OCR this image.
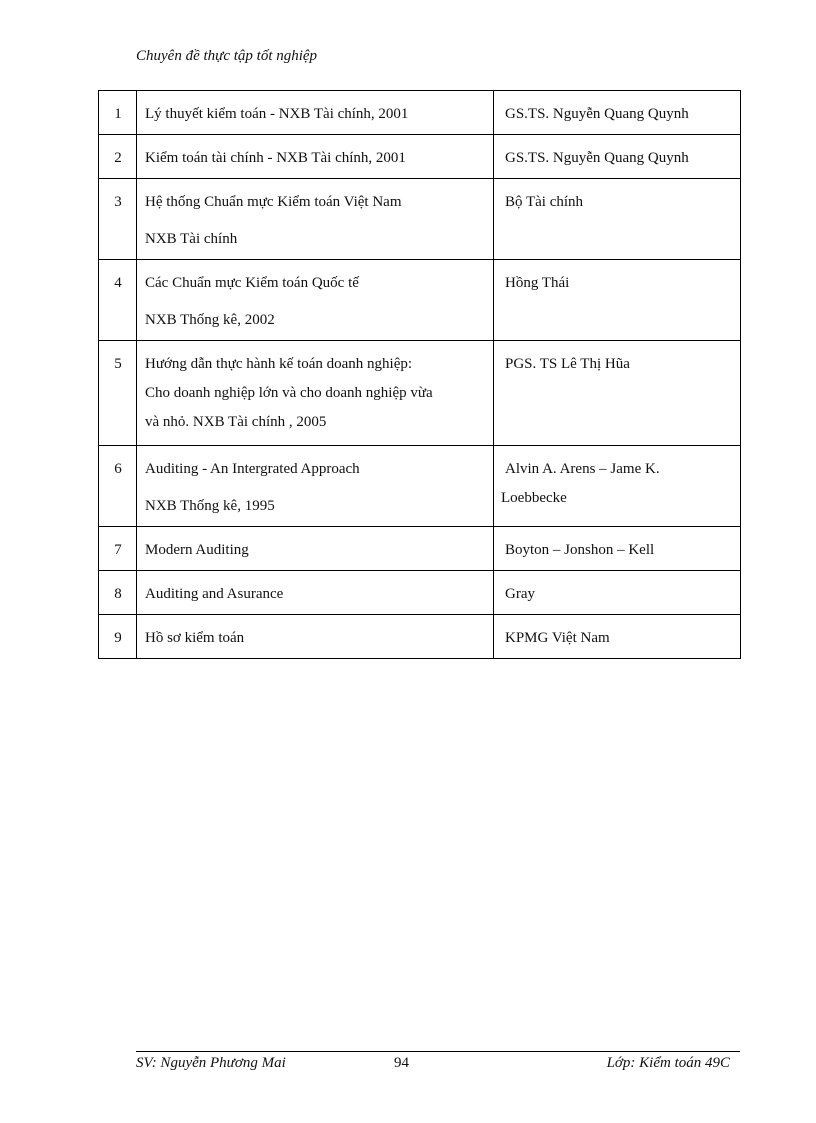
Chuyên đề thực tập tốt nghiệp
1	Lý thuyết kiểm toán - NXB Tài chính, 2001	GS.TS. Nguyễn Quang Quynh

2	Kiểm toán tài chính - NXB Tài chính, 2001	GS.TS. Nguyễn Quang Quynh

3	Hệ thống Chuẩn mực Kiểm toán Việt Nam
NXB Tài chính	Bộ Tài chính

4	Các Chuẩn mực Kiểm toán Quốc tế
NXB Thống kê, 2002	Hồng Thái

5	Hướng dẫn thực hành kế toán doanh nghiệp:
Cho doanh nghiệp lớn và cho doanh nghiệp vừa
và nhỏ. NXB Tài chính , 2005	PGS. TS Lê Thị Hũa

6	Auditing - An Intergrated Approach
NXB Thống kê, 1995	Alvin A. Arens – Jame K.
Loebbecke

7	Modern Auditing	Boyton – Jonshon – Kell

8	Auditing and Asurance	Gray

9	Hồ sơ kiểm toán	KPMG Việt Nam
SV: Nguyễn Phương Mai	94	Lớp: Kiểm toán 49C
